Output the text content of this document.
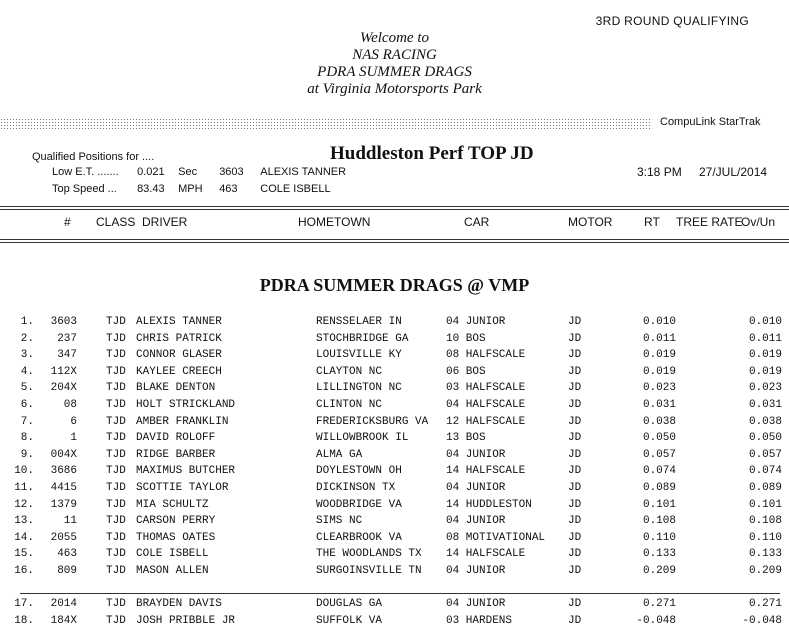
3RD ROUND QUALIFYING
Welcome to
NAS RACING
PDRA SUMMER DRAGS
at Virginia Motorsports Park
CompuLink StarTrak
Qualified Positions for ....	Huddleston Perf TOP JD
Low E.T. ....... 0.021 Sec 3603 ALEXIS TANNER
Top Speed ... 83.43 MPH 463 COLE ISBELL
3:18 PM 27/JUL/2014
# CLASS DRIVER	HOMETOWN	CAR	MOTOR	RT TREE RATE
Ov/Un
PDRA SUMMER DRAGS @ VMP
1.	3603	TJD ALEXIS TANNER	RENSSELAER IN	04 JUNIOR	JD	0.010	0.010
2.	237	TJD CHRIS PATRICK	STOCHBRIDGE GA	10 BOS	JD	0.011	0.011
3.	347	TJD CONNOR GLASER	LOUISVILLE KY	08 HALFSCALE	JD	0.019	0.019
4.	112X	TJD KAYLEE CREECH	CLAYTON NC	06 BOS	JD	0.019	0.019
5.	204X	TJD BLAKE DENTON	LILLINGTON NC	03 HALFSCALE	JD	0.023	0.023
6.	08	TJD HOLT STRICKLAND	CLINTON NC	04 HALFSCALE	JD	0.031	0.031
7.	6	TJD AMBER FRANKLIN	FREDERICKSBURG VA 12 HALFSCALE	JD	0.038	0.038
8.	1	TJD DAVID ROLOFF	WILLOWBROOK IL	13 BOS	JD	0.050	0.050
9.	004X	TJD RIDGE BARBER	ALMA GA	04 JUNIOR	JD	0.057	0.057
10.	3686	TJD MAXIMUS BUTCHER	DOYLESTOWN OH	14 HALFSCALE	JD	0.074	0.074
11.	4415	TJD SCOTTIE TAYLOR	DICKINSON TX	04 JUNIOR	JD	0.089	0.089
12.	1379	TJD MIA SCHULTZ	WOODBRIDGE VA	14 HUDDLESTON	JD	0.101	0.101
13.	11	TJD CARSON PERRY	SIMS NC	04 JUNIOR	JD	0.108	0.108
14.	2055	TJD THOMAS OATES	CLEARBROOK VA	08 MOTIVATIONAL JD	0.110	0.110
15.	463	TJD COLE ISBELL	THE WOODLANDS TX 14 HALFSCALE	JD	0.133	0.133
16.	809	TJD MASON ALLEN	SURGOINSVILLE TN 04 JUNIOR	JD	0.209	0.209
17.	2014	TJD BRAYDEN DAVIS	DOUGLAS GA	04 JUNIOR	JD	0.271	0.271
18.	184X	TJD JOSH PRIBBLE JR	SUFFOLK VA	03 HARDENS	JD	-0.048	-0.048
